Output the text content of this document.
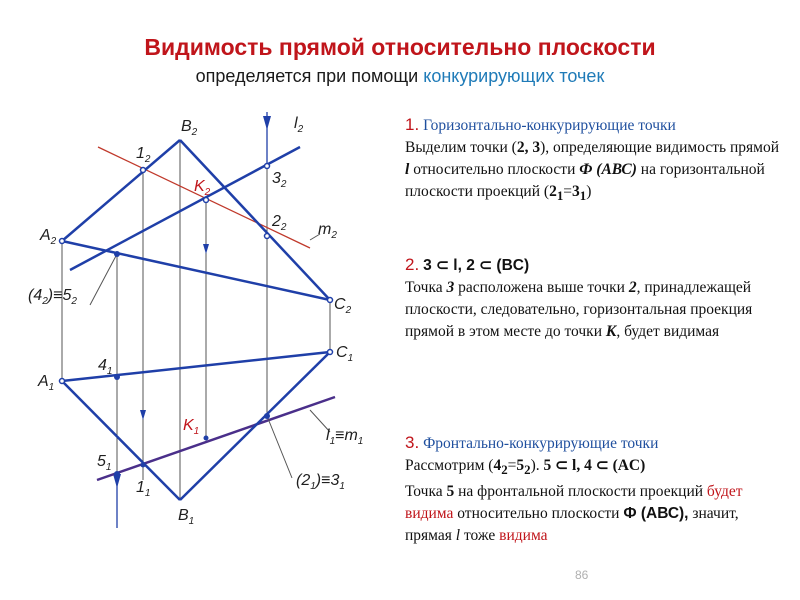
Видимость прямой относительно плоскости
определяется при помощи конкурирующих точек
$B_2$
$l_2$
$1_2$
$K_2$
$3_2$
$2_2$ $m_2$
$A_2$
$(4_2)\equiv 5_2$	$C_2$
$C_1$
$A_1$
$4_1$
$K_1$	$l_1\equiv m_1$
$5_1$
$(2_1)\equiv 3_1$
$1_1$
$B_1$
1. Горизонтально-конкурирующие точки
Выделим точки (2, 3), определяющие видимость прямой l относительно плоскости Ф (АВС) на горизонтальной плоскости проекций $(2_1=3_1)$
2. 3 ⊂ l, 2 ⊂ (BC)
Точка 3 расположена выше точки 2, принадлежащей плоскости, следовательно, горизонтальная проекция прямой в этом месте до точки К, будет видимая
3. Фронтально-конкурирующие точки
Рассмотрим $(4_2=5_2)$. 5 ⊂ l, 4 ⊂ (AC)
Точка 5 на фронтальной плоскости проекций будет видима относительно плоскости Ф (АВС), значит, прямая l тоже видима
86
